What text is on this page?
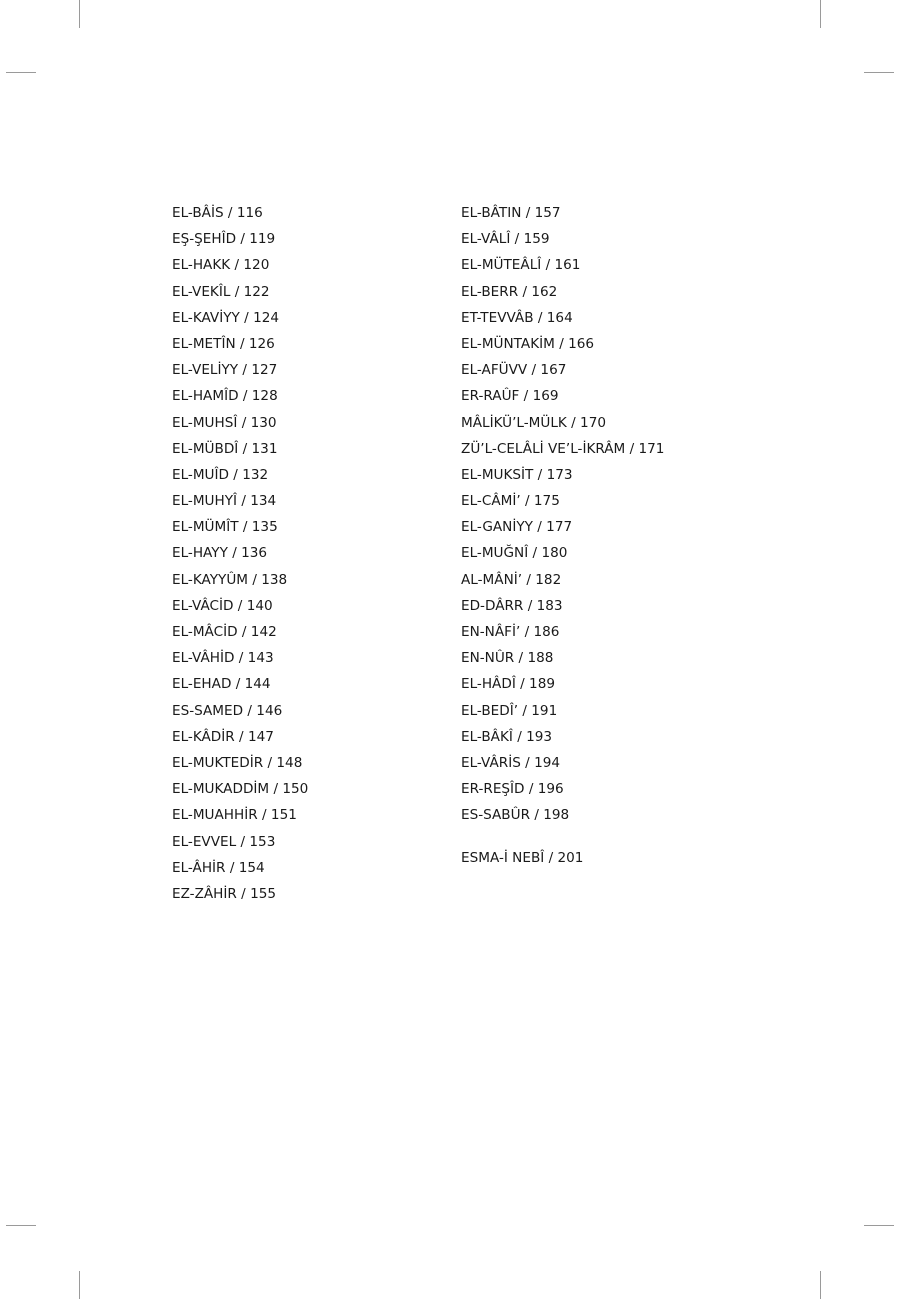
EL-BÂİS / 116
EŞ-ŞEHÎD / 119
EL-HAKK / 120
EL-VEKÎL / 122
EL-KAVİYY / 124
EL-METÎN / 126
EL-VELİYY / 127
EL-HAMÎD / 128
EL-MUHSÎ / 130
EL-MÜBDÎ / 131
EL-MUÎD / 132
EL-MUHYÎ / 134
EL-MÜMÎT / 135
EL-HAYY / 136
EL-KAYYÛM / 138
EL-VÂCİD / 140
EL-MÂCİD / 142
EL-VÂHİD / 143
EL-EHAD / 144
ES-SAMED / 146
EL-KÂDİR / 147
EL-MUKTEDİR / 148
EL-MUKADDİM / 150
EL-MUAHHİR / 151
EL-EVVEL / 153
EL-ÂHİR / 154
EZ-ZÂHİR / 155
EL-BÂTIN / 157
EL-VÂLÎ / 159
EL-MÜTEÂLÎ / 161
EL-BERR / 162
ET-TEVVÂB / 164
EL-MÜNTAKİM / 166
EL-AFÜVV / 167
ER-RAÛF / 169
MÂLİKÜ’L-MÜLK / 170
ZÜ’L-CELÂLİ VE’L-İKRÂM / 171
EL-MUKSİT / 173
EL-CÂMİ’ / 175
EL-GANİYY / 177
EL-MUĞNÎ / 180
AL-MÂNİ’ / 182
ED-DÂRR / 183
EN-NÂFİ’ / 186
EN-NÛR / 188
EL-HÂDÎ / 189
EL-BEDÎ’ / 191
EL-BÂKÎ / 193
EL-VÂRİS / 194
ER-REŞÎD / 196
ES-SABÛR / 198
ESMA-İ NEBÎ / 201
